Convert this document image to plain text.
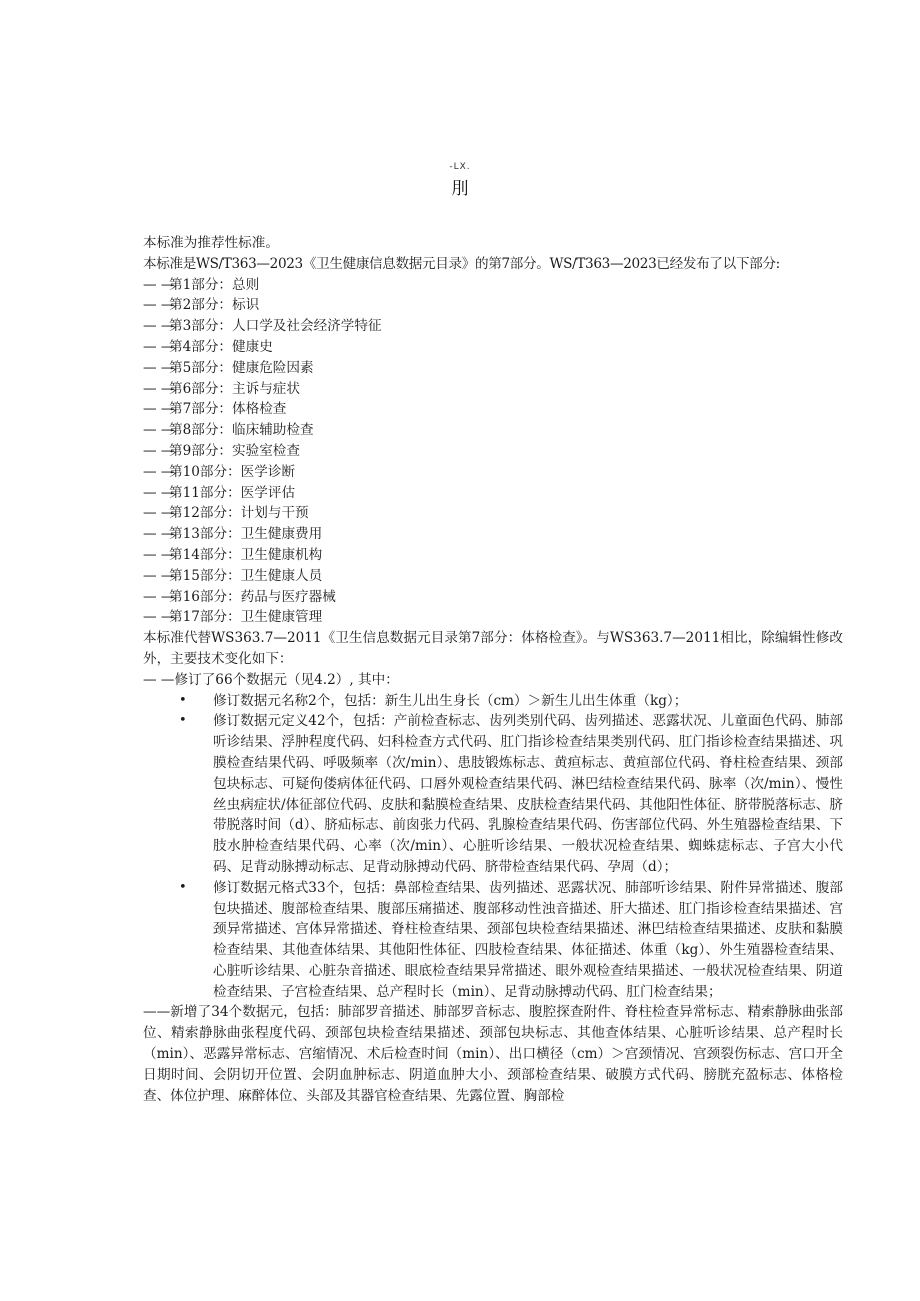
-LX.
刖

本标准为推荐性标准。

本标准是WS/T363—2023《卫生健康信息数据元目录》的第7部分。WS/T363—2023已经发布了以下部分:

— —第1部分：总则

— —第2部分：标识

— —第3部分：人口学及社会经济学特征

— —第4部分：健康史

— —第5部分：健康危险因素

— —第6部分：主诉与症状

— —第7部分：体格检查

— —第8部分：临床辅助检查

— —第9部分：实验室检查

— —第10部分：医学诊断

— —第11部分：医学评估

— —第12部分：计划与干预

— —第13部分：卫生健康费用

— —第14部分：卫生健康机构

— —第15部分：卫生健康人员

— —第16部分：药品与医疗器械

— —第17部分：卫生健康管理

本标准代替WS363.7—2011《卫生信息数据元目录第7部分：体格检查》。与WS363.7—2011相比，除编辑性修改外，主要技术变化如下：

— —修订了66个数据元（见4.2）, 其中：

• 修订数据元名称2个，包括：新生儿出生身长（cm）＞新生儿出生体重（kg）；
• 修订数据元定义42个，包括：产前检查标志、齿列类别代码、齿列描述、恶露状况、儿童面色代码、肺部听诊结果、浮肿程度代码、妇科检查方式代码、肛门指诊检查结果类别代码、肛门指诊检查结果描述、巩膜检查结果代码、呼吸频率（次/min）、患肢锻炼标志、黄疸标志、黄疸部位代码、脊柱检查结果、颈部包块标志、可疑佝偻病体征代码、口唇外观检查结果代码、淋巴结检查结果代码、脉率（次/min）、慢性丝虫病症状/体征部位代码、皮肤和黏膜检查结果、皮肤检查结果代码、其他阳性体征、脐带脱落标志、脐带脱落时间（d）、脐疝标志、前囱张力代码、乳腺检查结果代码、伤害部位代码、外生殖器检查结果、下肢水肿检查结果代码、心率（次/min）、心脏听诊结果、一般状况检查结果、蜘蛛痣标志、子宫大小代码、足背动脉搏动标志、足背动脉搏动代码、脐带检查结果代码、孕周（d）；
• 修订数据元格式33个，包括：鼻部检查结果、齿列描述、恶露状况、肺部听诊结果、附件异常描述、腹部包块描述、腹部检查结果、腹部压痛描述、腹部移动性浊音描述、肝大描述、肛门指诊检查结果描述、宫颈异常描述、宫体异常描述、脊柱检查结果、颈部包块检查结果描述、淋巴结检查结果描述、皮肤和黏膜检查结果、其他查体结果、其他阳性体征、四肢检查结果、体征描述、体重（kg）、外生殖器检查结果、心脏听诊结果、心脏杂音描述、眼底检查结果异常描述、眼外观检查结果描述、一般状况检查结果、阴道检查结果、子宫检查结果、总产程时长（min）、足背动脉搏动代码、肛门检查结果；

——新增了34个数据元，包括：肺部罗音描述、肺部罗音标志、腹腔探查附件、脊柱检查异常标志、精索静脉曲张部位、精索静脉曲张程度代码、颈部包块检查结果描述、颈部包块标志、其他查体结果、心脏听诊结果、总产程时长（min）、恶露异常标志、宫缩情况、术后检查时间（min）、出口横径（cm）＞宫颈情况、宫颈裂伤标志、宫口开全日期时间、会阴切开位置、会阴血肿标志、阴道血肿大小、颈部检查结果、破膜方式代码、膀胱充盈标志、体格检查、体位护理、麻醉体位、头部及其器官检查结果、先露位置、胸部检
